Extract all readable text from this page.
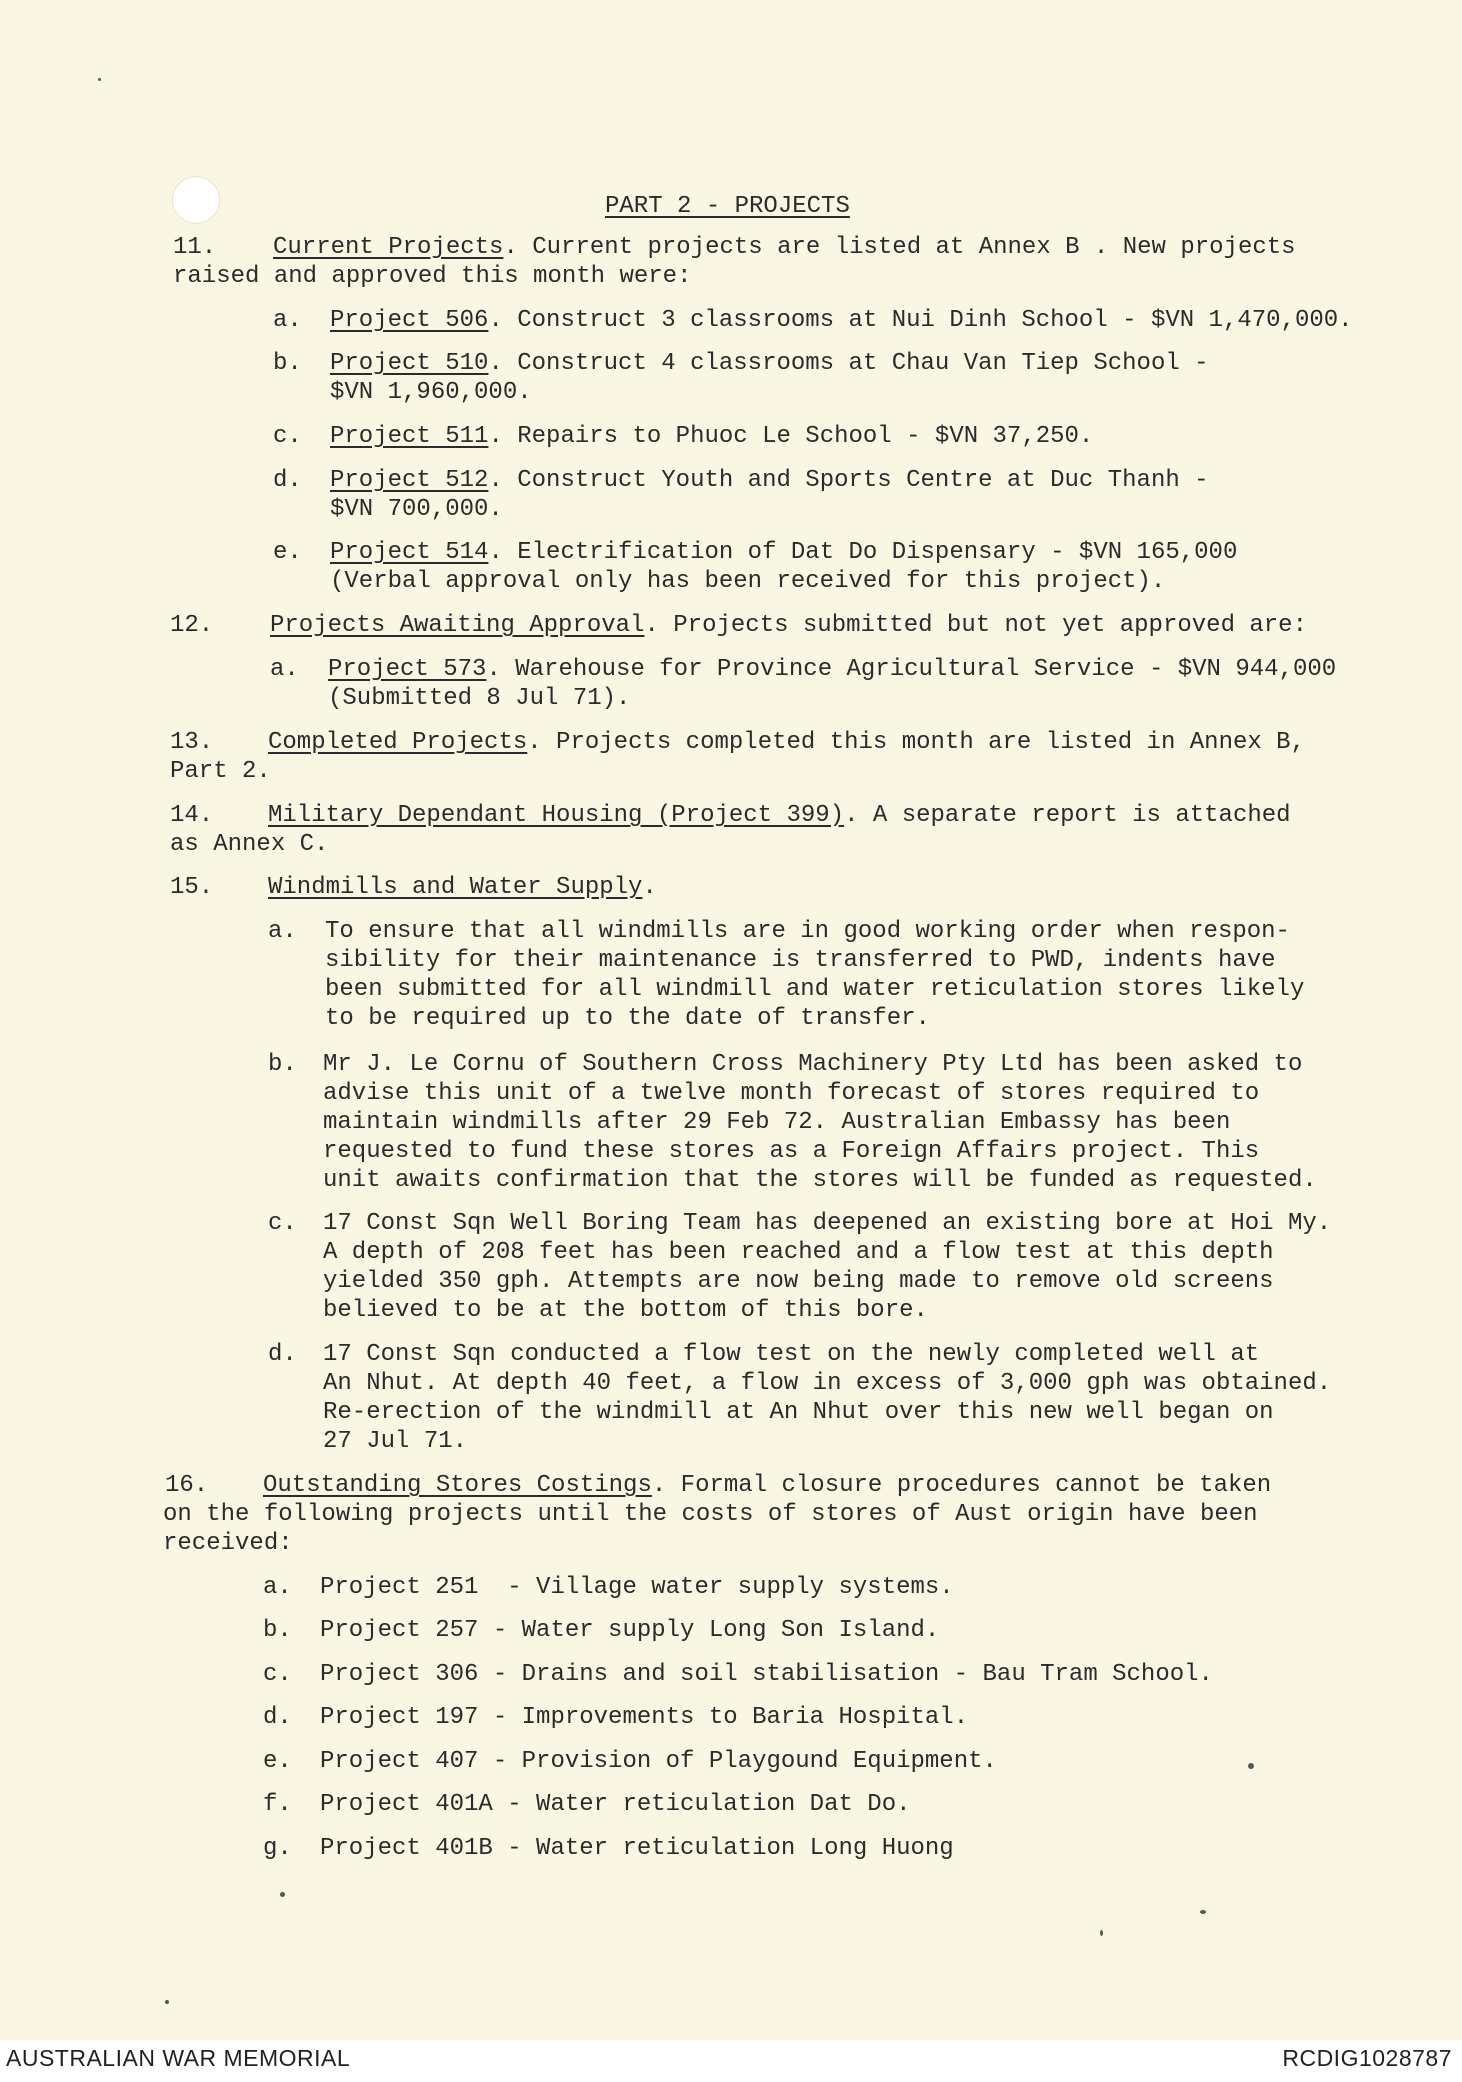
PART 2 - PROJECTS
11. Current Projects. Current projects are listed at Annex B . New projects
raised and approved this month were:
a. Project 506. Construct 3 classrooms at Nui Dinh School - $VN 1,470,000.
b. Project 510. Construct 4 classrooms at Chau Van Tiep School -
$VN 1,960,000.
c. Project 511. Repairs to Phuoc Le School - $VN 37,250.
d. Project 512. Construct Youth and Sports Centre at Duc Thanh -
$VN 700,000.
e. Project 514. Electrification of Dat Do Dispensary - $VN 165,000
(Verbal approval only has been received for this project).
12. Projects Awaiting Approval. Projects submitted but not yet approved are:
a. Project 573. Warehouse for Province Agricultural Service - $VN 944,000
(Submitted 8 Jul 71).
13. Completed Projects. Projects completed this month are listed in Annex B,
Part 2.
14. Military Dependant Housing (Project 399). A separate report is attached
as Annex C.
15. Windmills and Water Supply.
a. To ensure that all windmills are in good working order when respon-
sibility for their maintenance is transferred to PWD, indents have
been submitted for all windmill and water reticulation stores likely
to be required up to the date of transfer.
b. Mr J. Le Cornu of Southern Cross Machinery Pty Ltd has been asked to
advise this unit of a twelve month forecast of stores required to
maintain windmills after 29 Feb 72. Australian Embassy has been
requested to fund these stores as a Foreign Affairs project. This
unit awaits confirmation that the stores will be funded as requested.
c. 17 Const Sqn Well Boring Team has deepened an existing bore at Hoi My.
A depth of 208 feet has been reached and a flow test at this depth
yielded 350 gph. Attempts are now being made to remove old screens
believed to be at the bottom of this bore.
d. 17 Const Sqn conducted a flow test on the newly completed well at
An Nhut. At depth 40 feet, a flow in excess of 3,000 gph was obtained.
Re-erection of the windmill at An Nhut over this new well began on
27 Jul 71.
16. Outstanding Stores Costings. Formal closure procedures cannot be taken
on the following projects until the costs of stores of Aust origin have been
received:
a. Project 251  - Village water supply systems.
b. Project 257 - Water supply Long Son Island.
c. Project 306 - Drains and soil stabilisation - Bau Tram School.
d. Project 197 - Improvements to Baria Hospital.
e. Project 407 - Provision of Playgound Equipment.
f. Project 401A - Water reticulation Dat Do.
g. Project 401B - Water reticulation Long Huong
AUSTRALIAN WAR MEMORIAL	RCDIG1028787
